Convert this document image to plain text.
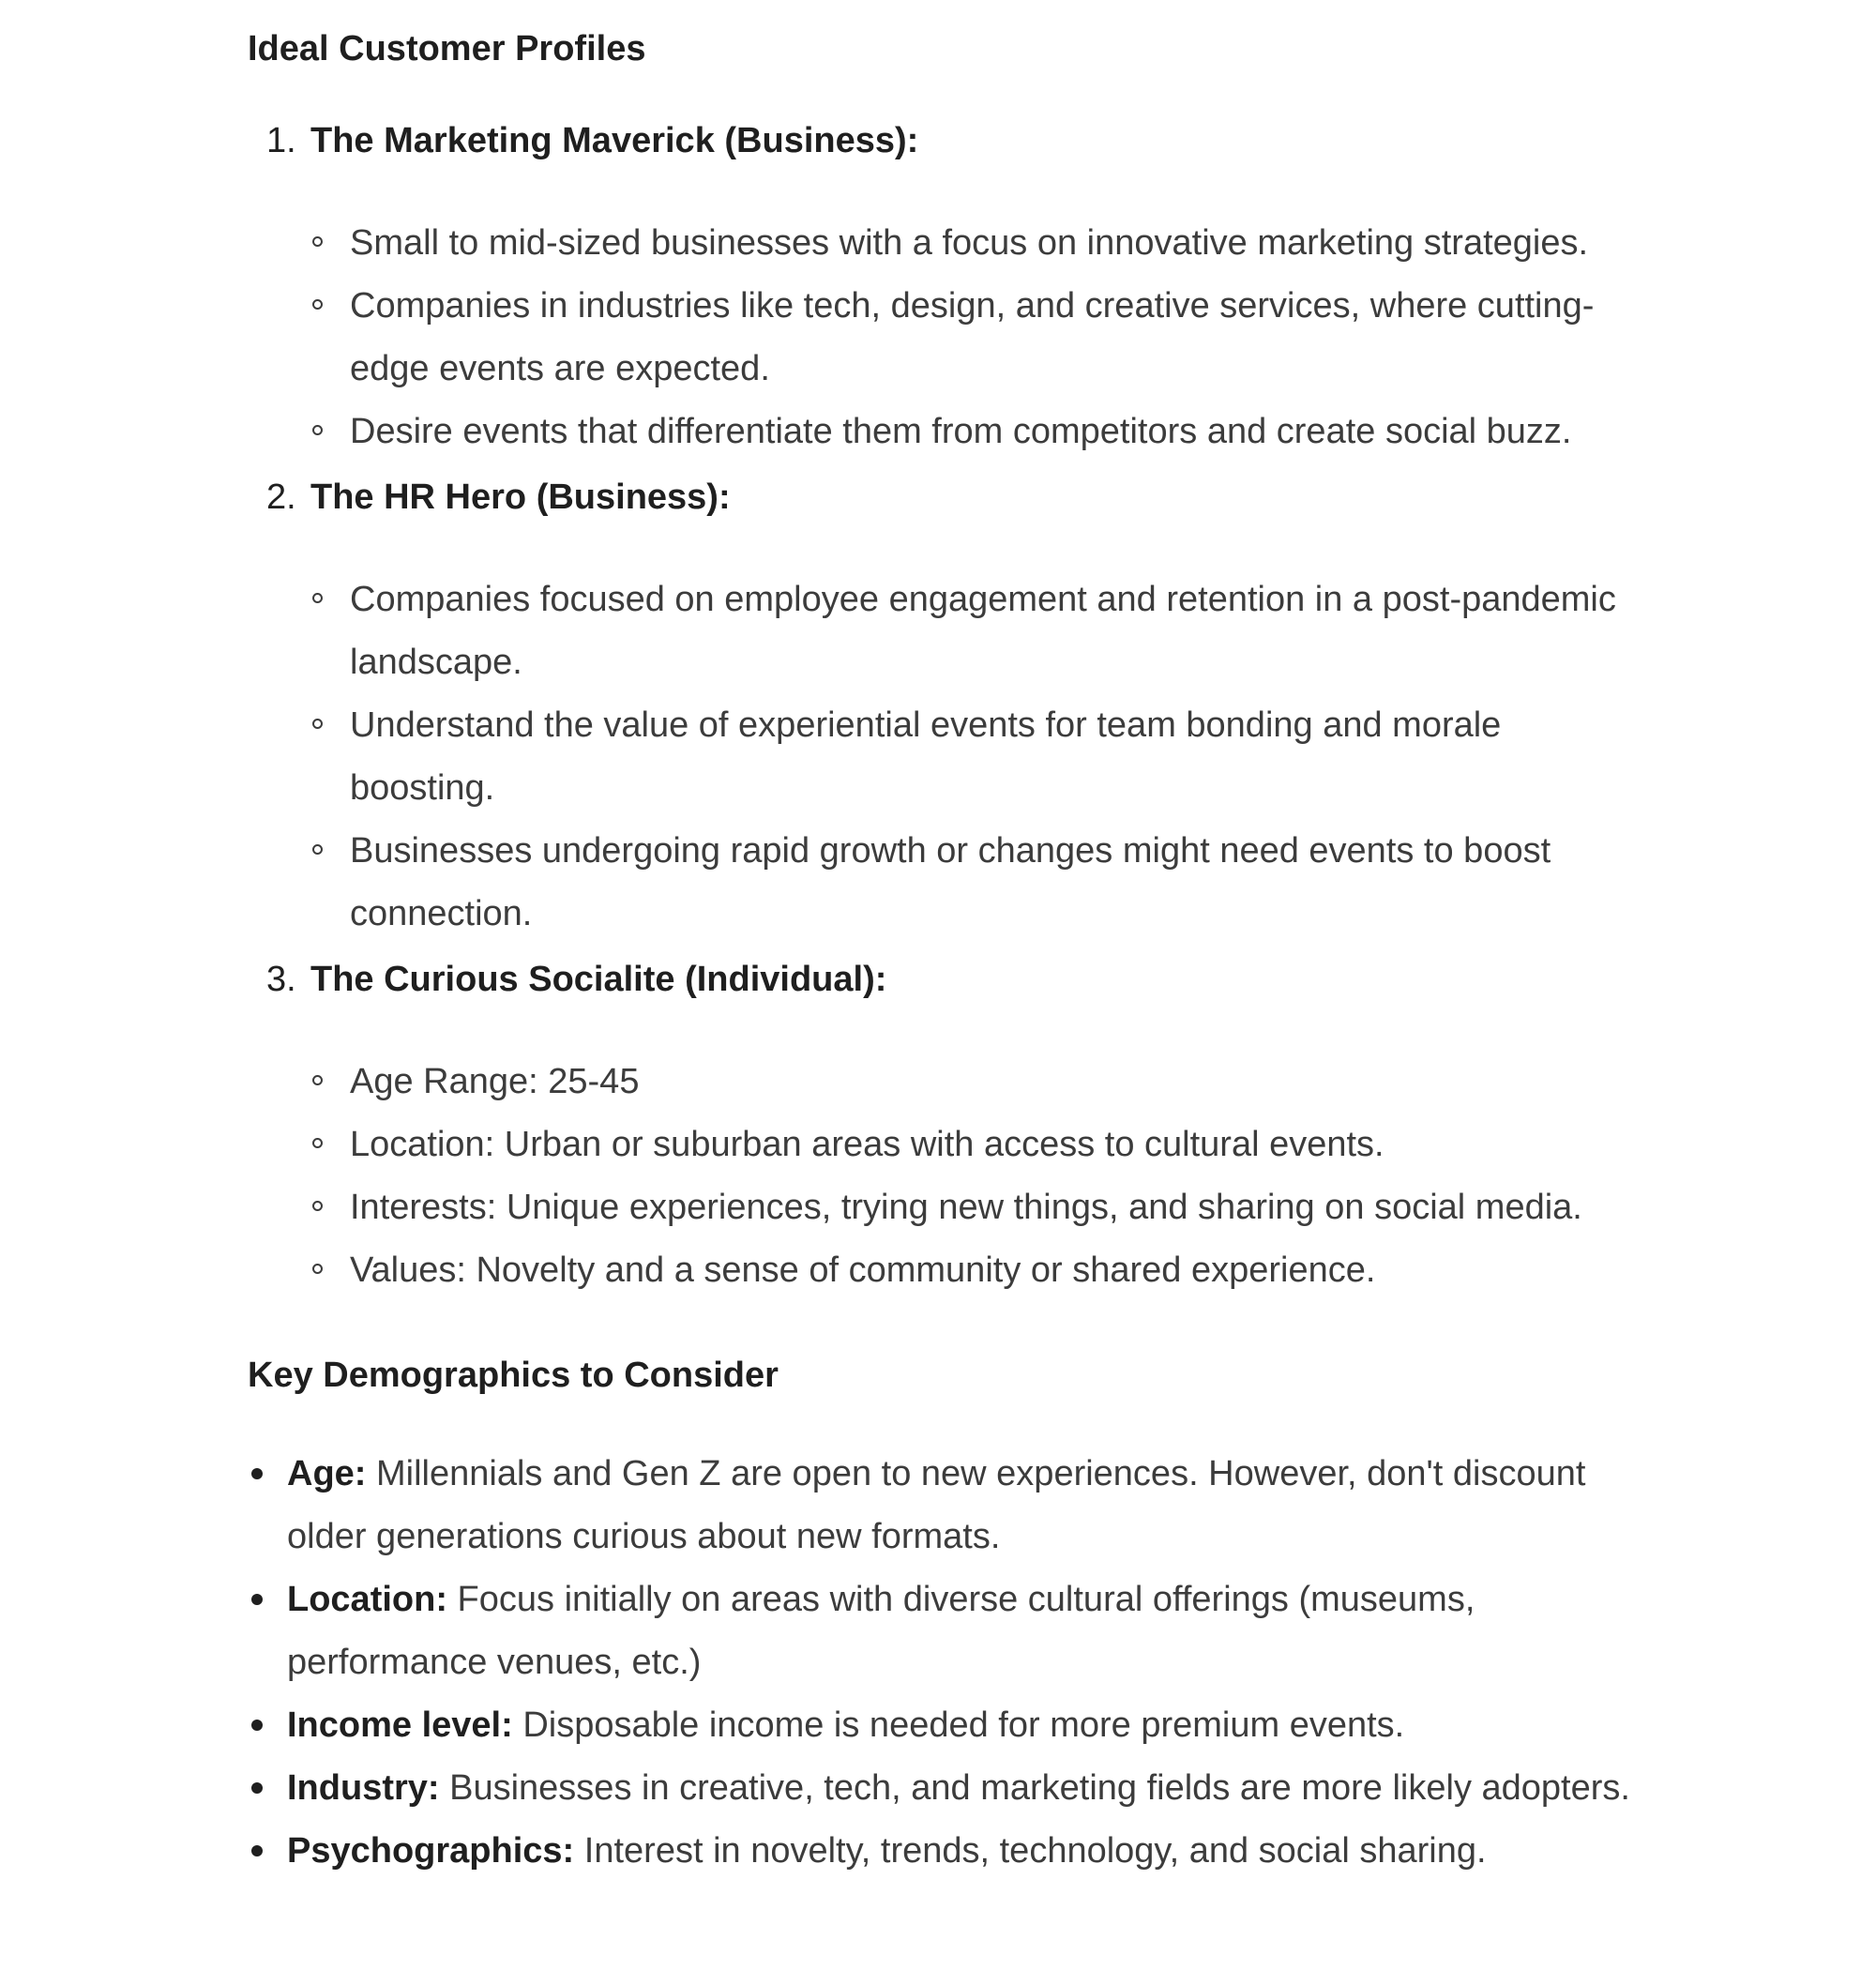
Ideal Customer Profiles
1. The Marketing Maverick (Business):
Small to mid-sized businesses with a focus on innovative marketing strategies.
Companies in industries like tech, design, and creative services, where cutting-edge events are expected.
Desire events that differentiate them from competitors and create social buzz.
2. The HR Hero (Business):
Companies focused on employee engagement and retention in a post-pandemic landscape.
Understand the value of experiential events for team bonding and morale boosting.
Businesses undergoing rapid growth or changes might need events to boost connection.
3. The Curious Socialite (Individual):
Age Range: 25-45
Location: Urban or suburban areas with access to cultural events.
Interests: Unique experiences, trying new things, and sharing on social media.
Values: Novelty and a sense of community or shared experience.
Key Demographics to Consider
Age: Millennials and Gen Z are open to new experiences. However, don't discount older generations curious about new formats.
Location: Focus initially on areas with diverse cultural offerings (museums, performance venues, etc.)
Income level: Disposable income is needed for more premium events.
Industry: Businesses in creative, tech, and marketing fields are more likely adopters.
Psychographics: Interest in novelty, trends, technology, and social sharing.
